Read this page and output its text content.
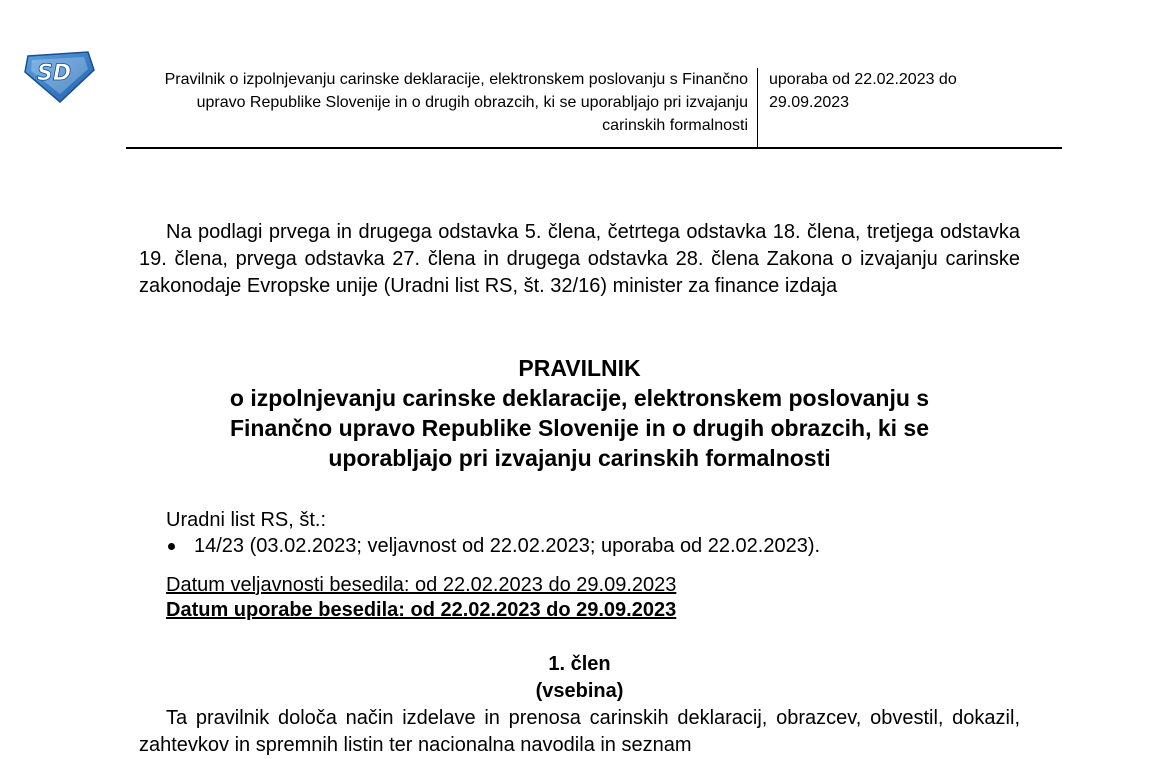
SD	Pravilnik o izpolnjevanju carinske deklaracije, elektronskem poslovanju s Finančno upravo Republike Slovenije in o drugih obrazcih, ki se uporabljajo pri izvajanju carinskih formalnosti
uporaba od 22.02.2023 do 29.09.2023

Na podlagi prvega in drugega odstavka 5. člena, četrtega odstavka 18. člena, tretjega odstavka 19. člena, prvega odstavka 27. člena in drugega odstavka 28. člena Zakona o izvajanju carinske zakonodaje Evropske unije (Uradni list RS, št. 32/16) minister za finance izdaja

PRAVILNIK
o izpolnjevanju carinske deklaracije, elektronskem poslovanju s
Finančno upravo Republike Slovenije in o drugih obrazcih, ki se
uporabljajo pri izvajanju carinskih formalnosti
Uradni list RS, št.:
14/23 (03.02.2023; veljavnost od 22.02.2023; uporaba od 22.02.2023).
Datum veljavnosti besedila: od 22.02.2023 do 29.09.2023
Datum uporabe besedila: od 22.02.2023 do 29.09.2023
1. člen
(vsebina)

Ta pravilnik določa način izdelave in prenosa carinskih deklaracij, obrazcev, obvestil, dokazil, zahtevkov in spremnih listin ter nacionalna navodila in seznam
